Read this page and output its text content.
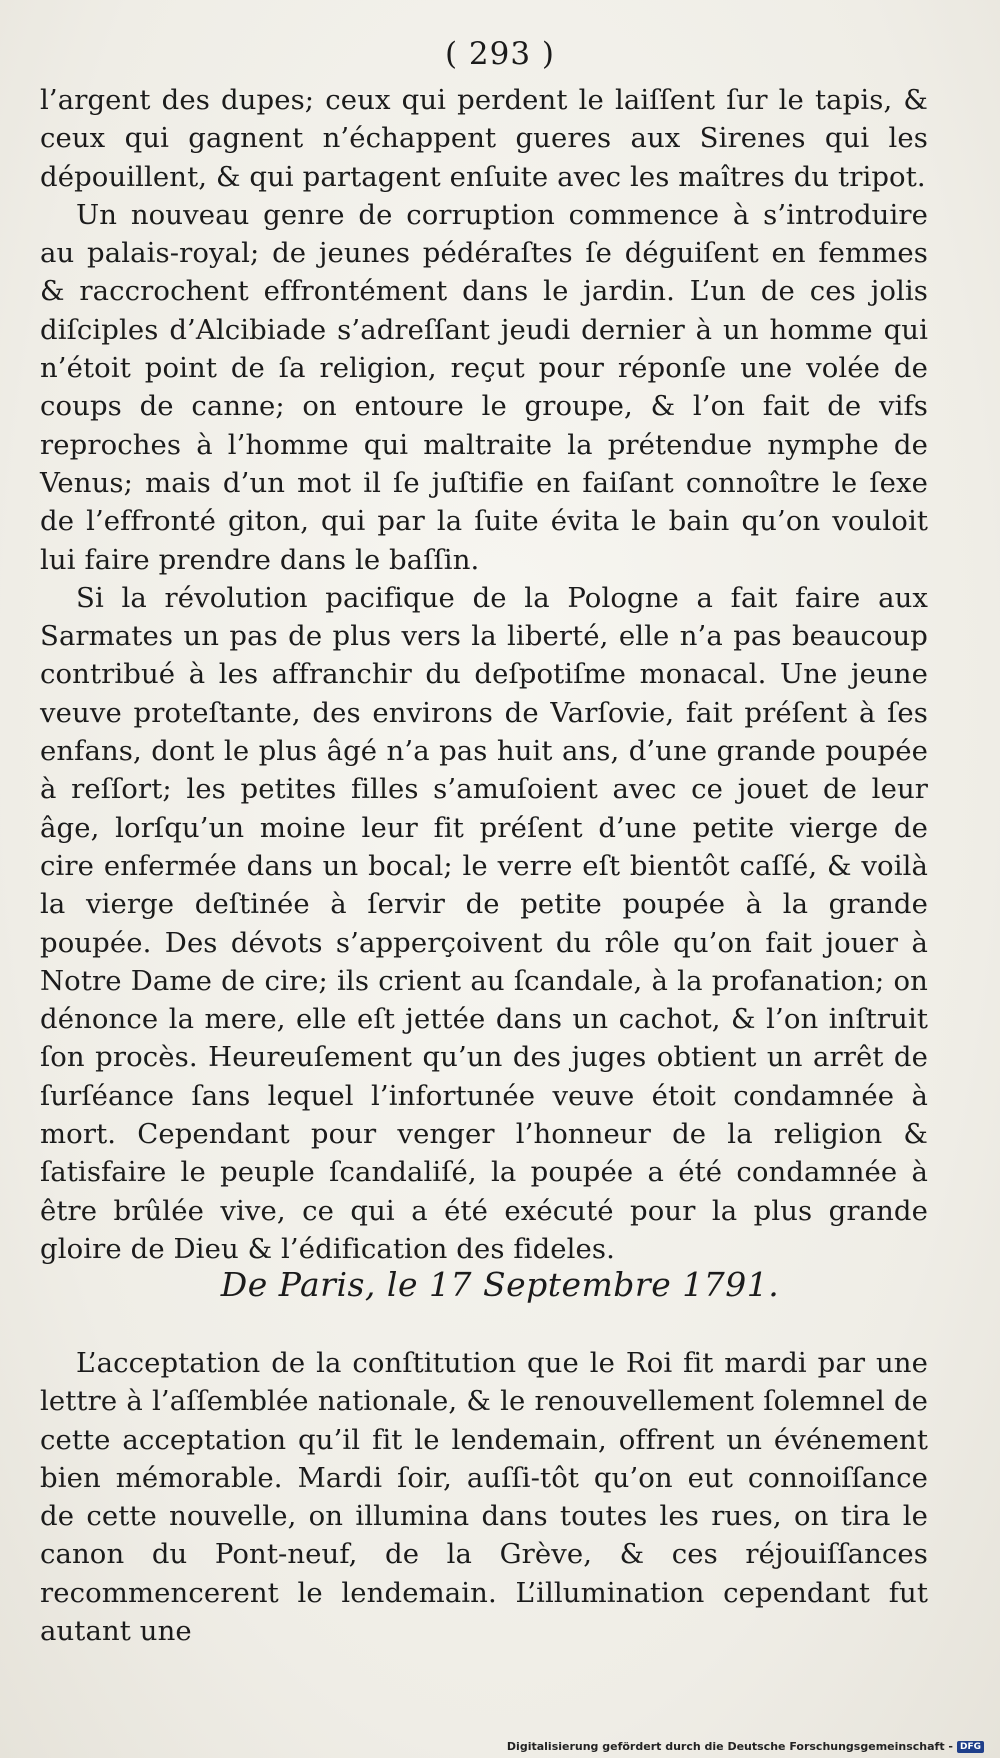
( 293 )

l’argent des dupes; ceux qui perdent le laiſſent ſur le tapis, & ceux qui gagnent n’échappent gueres aux Sirenes qui les dépouillent, & qui partagent enſuite avec les maîtres du tripot.

Un nouveau genre de corruption commence à s’introduire au palais-royal; de jeunes pédéraſtes ſe déguiſent en femmes & raccrochent effrontément dans le jardin. L’un de ces jolis diſciples d’Alcibiade s’adreſſant jeudi dernier à un homme qui n’étoit point de ſa religion, reçut pour réponſe une volée de coups de canne; on entoure le groupe, & l’on fait de vifs reproches à l’homme qui maltraite la prétendue nymphe de Venus; mais d’un mot il ſe juſtifie en faiſant connoître le ſexe de l’effronté giton, qui par la ſuite évita le bain qu’on vouloit lui faire prendre dans le baſſin.

Si la révolution pacifique de la Pologne a fait faire aux Sarmates un pas de plus vers la liberté, elle n’a pas beaucoup contribué à les affranchir du deſpotiſme monacal. Une jeune veuve proteſtante, des environs de Varſovie, fait préſent à ſes enfans, dont le plus âgé n’a pas huit ans, d’une grande poupée à reſſort; les petites filles s’amuſoient avec ce jouet de leur âge, lorſqu’un moine leur fit préſent d’une petite vierge de cire enfermée dans un bocal; le verre eſt bientôt caſſé, & voilà la vierge deſtinée à ſervir de petite poupée à la grande poupée. Des dévots s’apperçoivent du rôle qu’on fait jouer à Notre Dame de cire; ils crient au ſcandale, à la profanation; on dénonce la mere, elle eſt jettée dans un cachot, & l’on inſtruit ſon procès. Heureuſement qu’un des juges obtient un arrêt de ſurſéance ſans lequel l’infortunée veuve étoit condamnée à mort. Cependant pour venger l’honneur de la religion & ſatisfaire le peuple ſcandaliſé, la poupée a été condamnée à être brûlée vive, ce qui a été exécuté pour la plus grande gloire de Dieu & l’édification des fideles.

De Paris, le 17 Septembre 1791.

L’acceptation de la conſtitution que le Roi fit mardi par une lettre à l’aſſemblée nationale, & le renouvellement ſolemnel de cette acceptation qu’il fit le lendemain, offrent un événement bien mémorable. Mardi ſoir, auſſi-tôt qu’on eut connoiſſance de cette nouvelle, on illumina dans toutes les rues, on tira le canon du Pont-neuf, de la Grève, & ces réjouiſſances recommencerent le lendemain. L’illumination cependant fut autant une

Digitalisierung gefördert durch die Deutsche Forschungsgemeinschaft - DFG
